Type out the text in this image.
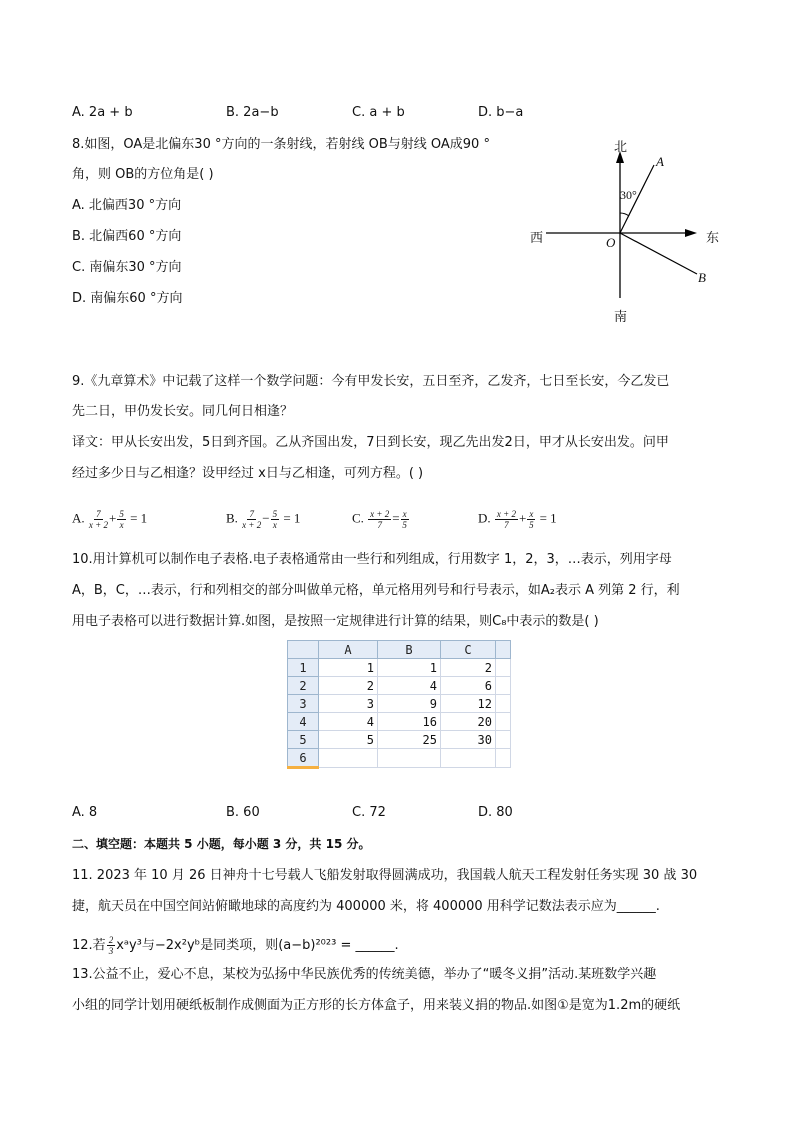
A. 2a + b	B. 2a−b	C. a + b	D. b−a
8.如图，OA是北偏东30 °方向的一条射线，若射线 OB与射线 OA成90 °
角，则 OB的方位角是( )
A. 北偏西30 °方向
B. 北偏西60 °方向
C. 南偏东30 °方向
D. 南偏东60 °方向
北
南
西	东
O
A
B
30°
9.《九章算术》中记载了这样一个数学问题：今有甲发长安，五日至齐，乙发齐，七日至长安，今乙发已
先二日，甲仍发长安。同几何日相逢？
译文：甲从长安出发，5日到齐国。乙从齐国出发，7日到长安，现乙先出发2日，甲才从长安出发。问甲
经过多少日与乙相逢？设甲经过 x日与乙相逢，可列方程。( )
A. $\frac{7}{x + 2} + \frac{5}{x} = 1$	B. $\frac{7}{x + 2} - \frac{5}{x} = 1$	C. $\frac{x + 2}{7} = \frac{x}{5}$	D. $\frac{x + 2}{7} + \frac{x}{5} = 1$
10.用计算机可以制作电子表格.电子表格通常由一些行和列组成，行用数字 1，2，3，…表示，列用字母
A，B，C，…表示，行和列相交的部分叫做单元格，单元格用列号和行号表示，如A₂表示 A 列第 2 行，利
用电子表格可以进行数据计算.如图，是按照一定规律进行计算的结果，则C₈中表示的数是( )
	A	B	C	
1	1	1	2	
2	2	4	6	
3	3	9	12	
4	4	16	20	
5	5	25	30	
6				
A. 8	B. 60	C. 72	D. 80
二、填空题：本题共 5 小题，每小题 3 分，共 15 分。
11. 2023 年 10 月 26 日神舟十七号载人飞船发射取得圆满成功，我国载人航天工程发射任务实现 30 战 30
捷，航天员在中国空间站俯瞰地球的高度约为 400000 米，将 400000 用科学记数法表示应为______.
12.若 $\frac{2}{3}$ xᵃy³与−2x²yᵇ是同类项，则(a−b)²⁰²³ = ______.
13.公益不止，爱心不息，某校为弘扬中华民族优秀的传统美德，举办了“暖冬义捐”活动.某班数学兴趣
小组的同学计划用硬纸板制作成侧面为正方形的长方体盒子，用来装义捐的物品.如图①是宽为1.2m的硬纸
